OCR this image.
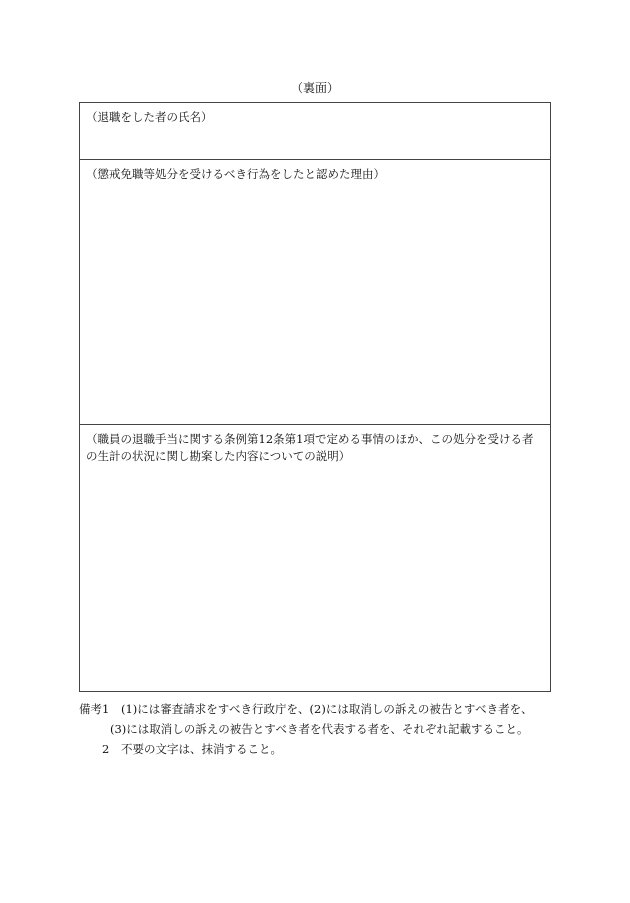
（裏面）
（退職をした者の氏名）
（懲戒免職等処分を受けるべき行為をしたと認めた理由）
（職員の退職手当に関する条例第12条第1項で定める事情のほか、この処分を受ける者の生計の状況に関し勘案した内容についての説明）
備考1 (1)には審査請求をすべき行政庁を、(2)には取消しの訴えの被告とすべき者を、
(3)には取消しの訴えの被告とすべき者を代表する者を、それぞれ記載すること。
2 不要の文字は、抹消すること。
